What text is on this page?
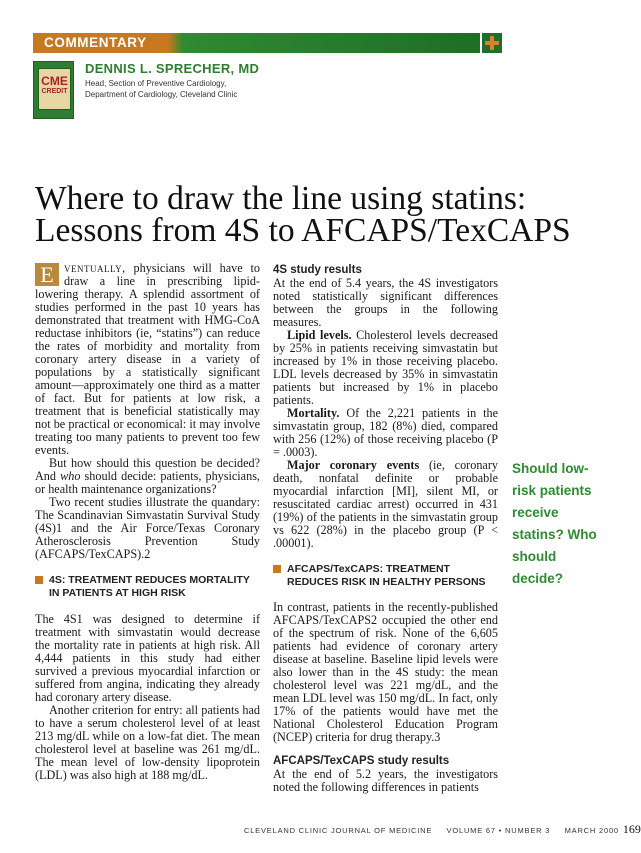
COMMENTARY
CME
CREDIT
DENNIS L. SPRECHER, MD
Head, Section of Preventive Cardiology,
Department of Cardiology, Cleveland Clinic
Where to draw the line using statins:
Lessons from 4S to AFCAPS/TexCAPS

E ventually, physicians will have to draw a line in prescribing lipid-lowering therapy. A splendid assortment of studies performed in the past 10 years has demonstrated that treatment with HMG-CoA reductase inhibitors (ie, “statins”) can reduce the rates of morbidity and mortality from coronary artery disease in a variety of populations by a statistically significant amount—approximately one third as a matter of fact. But for patients at low risk, a treatment that is beneficial statistically may not be practical or economical: it may involve treating too many patients to prevent too few events.

But how should this question be decided? And who should decide: patients, physicians, or health maintenance organizations?

Two recent studies illustrate the quandary: The Scandinavian Simvastatin Survival Study (4S)1 and the Air Force/Texas Coronary Atherosclerosis Prevention Study (AFCAPS/TexCAPS).2

4S: TREATMENT REDUCES MORTALITY IN PATIENTS AT HIGH RISK

The 4S1 was designed to determine if treatment with simvastatin would decrease the mortality rate in patients at high risk. All 4,444 patients in this study had either survived a previous myocardial infarction or suffered from angina, indicating they already had coronary artery disease.

Another criterion for entry: all patients had to have a serum cholesterol level of at least 213 mg/dL while on a low-fat diet. The mean cholesterol level at baseline was 261 mg/dL. The mean level of low-density lipoprotein (LDL) was also high at 188 mg/dL.

4S study results

At the end of 5.4 years, the 4S investigators noted statistically significant differences between the groups in the following measures.

Lipid levels. Cholesterol levels decreased by 25% in patients receiving simvastatin but increased by 1% in those receiving placebo. LDL levels decreased by 35% in simvastatin patients but increased by 1% in placebo patients.

Mortality. Of the 2,221 patients in the simvastatin group, 182 (8%) died, compared with 256 (12%) of those receiving placebo (P = .0003).

Major coronary events (ie, coronary death, nonfatal definite or probable myocardial infarction [MI], silent MI, or resuscitated cardiac arrest) occurred in 431 (19%) of the patients in the simvastatin group vs 622 (28%) in the placebo group (P < .00001).

AFCAPS/TexCAPS: TREATMENT REDUCES RISK IN HEALTHY PERSONS

In contrast, patients in the recently-published AFCAPS/TexCAPS2 occupied the other end of the spectrum of risk. None of the 6,605 patients had evidence of coronary artery disease at baseline. Baseline lipid levels were also lower than in the 4S study: the mean cholesterol level was 221 mg/dL, and the mean LDL level was 150 mg/dL. In fact, only 17% of the patients would have met the National Cholesterol Education Program (NCEP) criteria for drug therapy.3

AFCAPS/TexCAPS study results

At the end of 5.2 years, the investigators noted the following differences in patients

Should low-risk patients receive statins? Who should decide?
CLEVELAND CLINIC JOURNAL OF MEDICINE     VOLUME 67 • NUMBER 3     MARCH 2000 169
